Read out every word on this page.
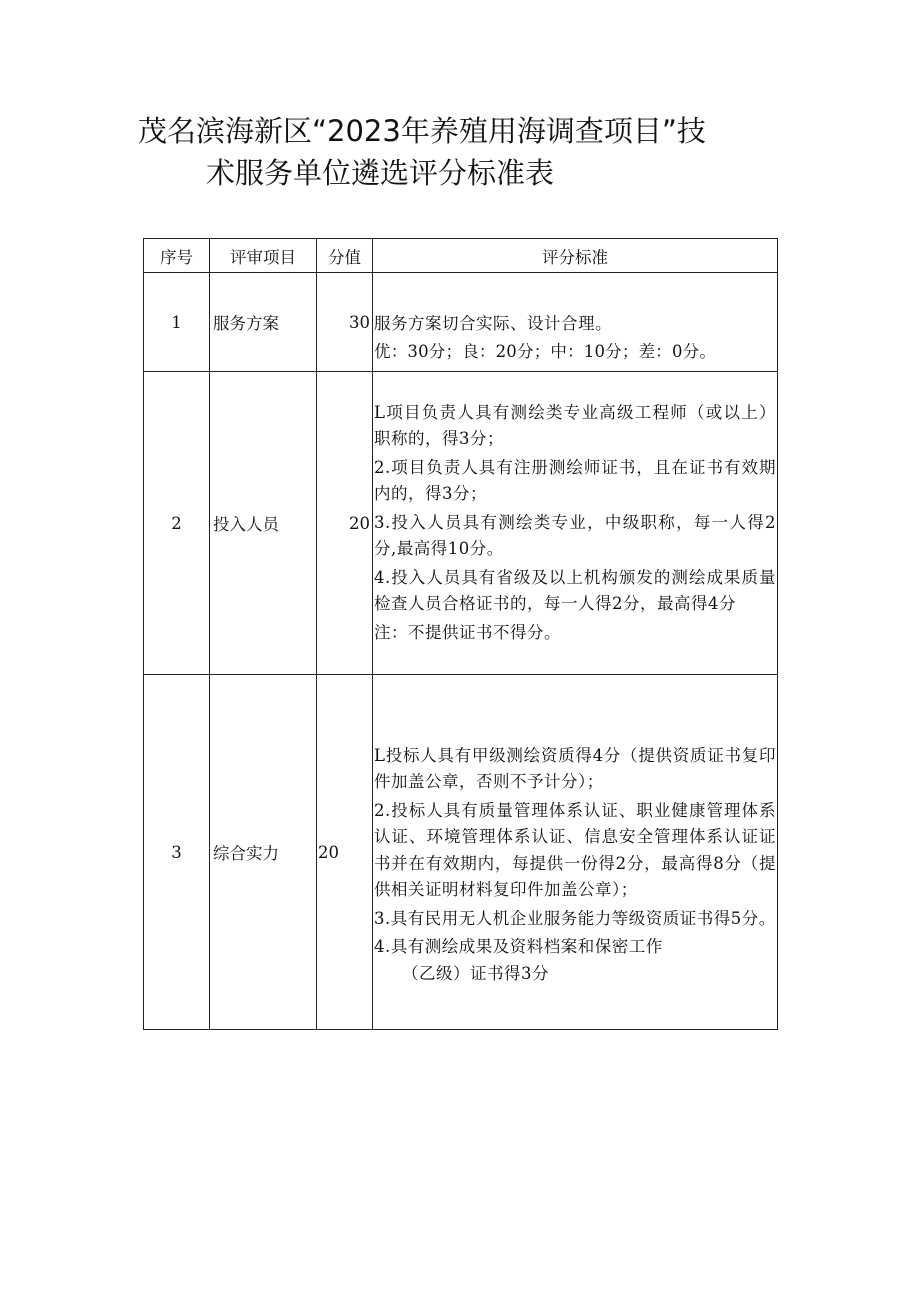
茂名滨海新区“2023年养殖用海调查项目”技
术服务单位遴选评分标准表
序号	评审项目	分值	评分标准
1	服务方案	30	服务方案切合实际、设计合理。

优：30分；良：20分；中：10分；差：0分。

2	投入人员	20	L项目负责人具有测绘类专业高级工程师（或以上）职称的，得3分；

2.项目负责人具有注册测绘师证书，且在证书有效期内的，得3分；

3.投入人员具有测绘类专业，中级职称，每一人得2分,最高得10分。

4.投入人员具有省级及以上机构颁发的测绘成果质量检查人员合格证书的，每一人得2分，最高得4分

注：不提供证书不得分。

3	综合实力	20	L投标人具有甲级测绘资质得4分（提供资质证书复印件加盖公章，否则不予计分）；

2.投标人具有质量管理体系认证、职业健康管理体系认证、环境管理体系认证、信息安全管理体系认证证书并在有效期内，每提供一份得2分，最高得8分（提供相关证明材料复印件加盖公章）；

3.具有民用无人机企业服务能力等级资质证书得5分。

4.具有测绘成果及资料档案和保密工作

（乙级）证书得3分
